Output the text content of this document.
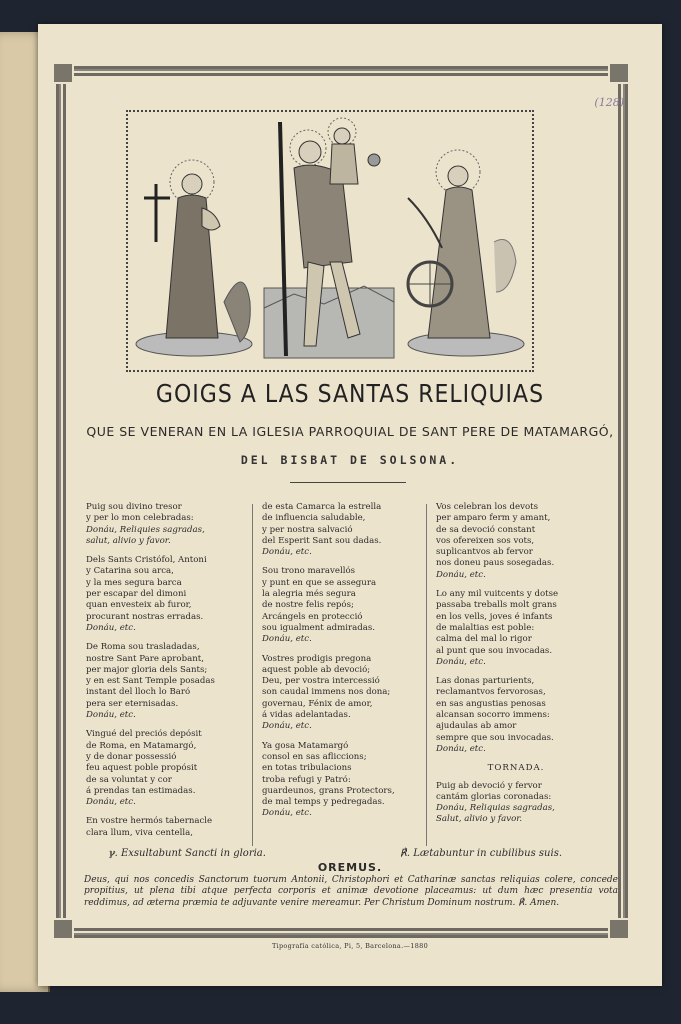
(128)
GOIGS A LAS SANTAS RELIQUIAS
QUE SE VENERAN EN LA IGLESIA PARROQUIAL DE SANT PERE DE MATAMARGÓ,
DEL BISBAT DE SOLSONA.

Puig sou divino tresor

y per lo mon celebradas:

Donáu, Reliquies sagradas,

salut, alivio y favor.

Dels Sants Cristófol, Antoni

y Catarina sou arca,

y la mes segura barca

per escapar del dimoni

quan envesteix ab furor,

procurant nostras erradas.

Donáu, etc.

De Roma sou trasladadas,

nostre Sant Pare aprobant,

per major gloria dels Sants;

y en est Sant Temple posadas

instant del lloch lo Baró

pera ser eternisadas.

Donáu, etc.

Vingué del preciós depósit

de Roma, en Matamargó,

y de donar possessió

feu aquest poble propósit

de sa voluntat y cor

á prendas tan estimadas.

Donáu, etc.

En vostre hermós tabernacle

clara llum, viva centella,

de esta Camarca la estrella

de influencia saludable,

y per nostra salvació

del Esperit Sant sou dadas.

Donáu, etc.

Sou trono maravellós

y punt en que se assegura

la alegria més segura

de nostre felis repós;

Arcángels en protecció

sou igualment admiradas.

Donáu, etc.

Vostres prodigis pregona

aquest poble ab devoció;

Deu, per vostra intercessió

son caudal immens nos dona;

governau, Fénix de amor,

á vidas adelantadas.

Donáu, etc.

Ya gosa Matamargó

consol en sas afliccions;

en totas tribulacions

troba refugi y Patró:

guardeunos, grans Protectors,

de mal temps y pedregadas.

Donáu, etc.

Vos celebran los devots

per amparo ferm y amant,

de sa devoció constant

vos ofereixen sos vots,

suplicantvos ab fervor

nos doneu paus sosegadas.

Donáu, etc.

Lo any mil vuitcents y dotse

passaba treballs molt grans

en los vells, joves é infants

de malaltias est poble:

calma del mal lo rigor

al punt que sou invocadas.

Donáu, etc.

Las donas parturients,

reclamantvos fervorosas,

en sas angustias penosas

alcansan socorro immens:

ajudaulas ab amor

sempre que sou invocadas.

Donáu, etc.

TORNADA.

Puig ab devoció y fervor

cantám glorias coronadas:

Donáu, Reliquias sagradas,

Salut, alivio y favor.

ℽ. Exsultabunt Sancti in gloria.	℟. Lætabuntur in cubilibus suis.
OREMUS.
Deus, qui nos concedis Sanctorum tuorum Antonii, Christophori et Catharinæ sanctas reliquias colere, concede propitius, ut plena tibi atque perfecta corporis et animæ devotione placeamus: ut dum hæc presentia vota reddimus, ad æterna præmia te adjuvante venire mereamur. Per Christum Dominum nostrum. ℟. Amen.
Tipografía católica, Pi, 5, Barcelona.—1880
